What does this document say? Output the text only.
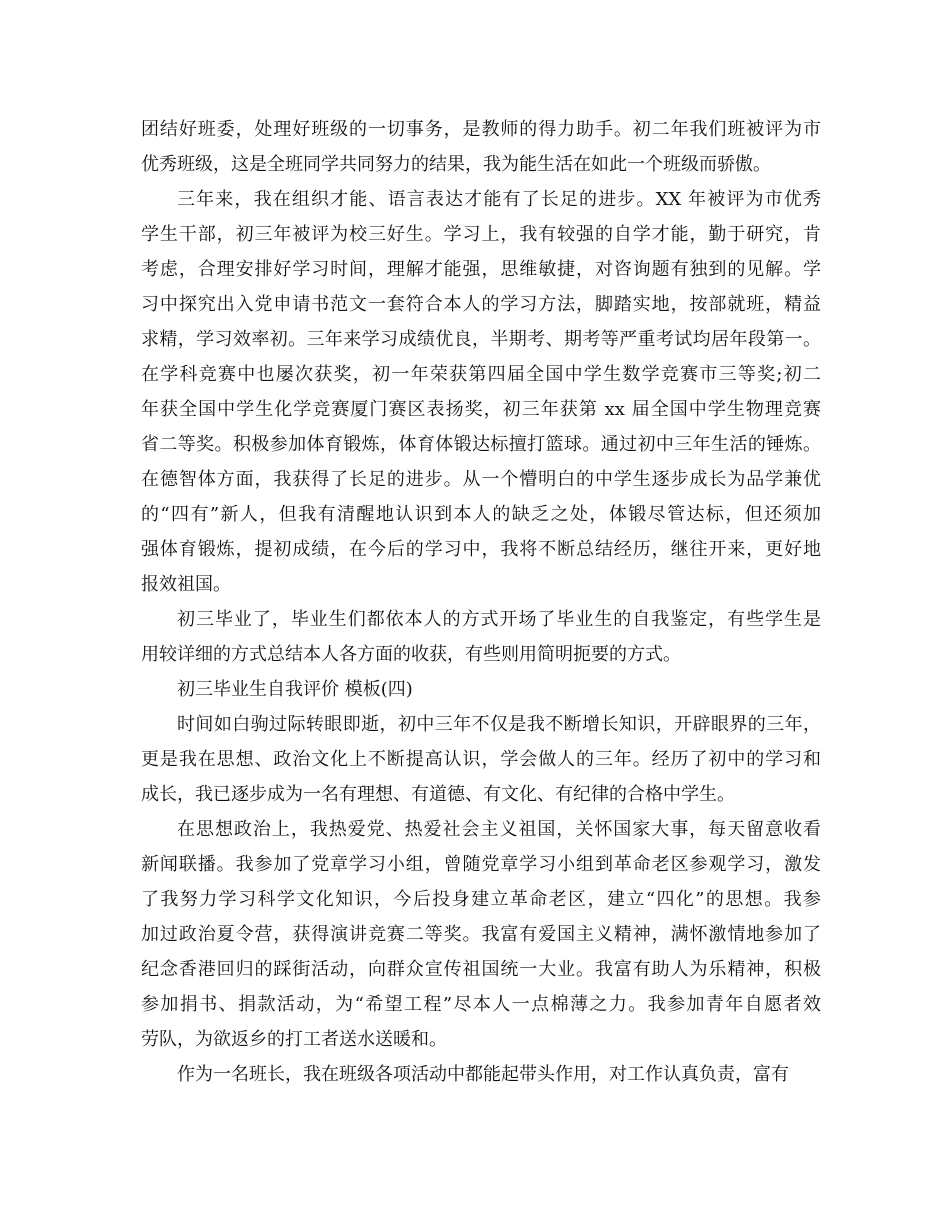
团结好班委，处理好班级的一切事务，是教师的得力助手。初二年我们班被评为市
优秀班级，这是全班同学共同努力的结果，我为能生活在如此一个班级而骄傲。
三年来，我在组织才能、语言表达才能有了长足的进步。XX 年被评为市优秀
学生干部，初三年被评为校三好生。学习上，我有较强的自学才能，勤于研究，肯
考虑，合理安排好学习时间，理解才能强，思维敏捷，对咨询题有独到的见解。学
习中探究出入党申请书范文一套符合本人的学习方法，脚踏实地，按部就班，精益
求精，学习效率初。三年来学习成绩优良，半期考、期考等严重考试均居年段第一。
在学科竞赛中也屡次获奖，初一年荣获第四届全国中学生数学竞赛市三等奖;初二
年获全国中学生化学竞赛厦门赛区表扬奖，初三年获第 xx 届全国中学生物理竞赛
省二等奖。积极参加体育锻炼，体育体锻达标擅打篮球。通过初中三年生活的锤炼。
在德智体方面，我获得了长足的进步。从一个懵明白的中学生逐步成长为品学兼优
的“四有”新人，但我有清醒地认识到本人的缺乏之处，体锻尽管达标，但还须加
强体育锻炼，提初成绩，在今后的学习中，我将不断总结经历，继往开来，更好地
报效祖国。
初三毕业了，毕业生们都依本人的方式开场了毕业生的自我鉴定，有些学生是
用较详细的方式总结本人各方面的收获，有些则用简明扼要的方式。
初三毕业生自我评价 模板(四)
时间如白驹过际转眼即逝，初中三年不仅是我不断增长知识，开辟眼界的三年，
更是我在思想、政治文化上不断提高认识，学会做人的三年。经历了初中的学习和
成长，我已逐步成为一名有理想、有道德、有文化、有纪律的合格中学生。
在思想政治上，我热爱党、热爱社会主义祖国，关怀国家大事，每天留意收看
新闻联播。我参加了党章学习小组，曾随党章学习小组到革命老区参观学习，激发
了我努力学习科学文化知识，今后投身建立革命老区，建立“四化”的思想。我参
加过政治夏令营，获得演讲竞赛二等奖。我富有爱国主义精神，满怀激情地参加了
纪念香港回归的踩街活动，向群众宣传祖国统一大业。我富有助人为乐精神，积极
参加捐书、捐款活动，为“希望工程”尽本人一点棉薄之力。我参加青年自愿者效
劳队，为欲返乡的打工者送水送暖和。
作为一名班长，我在班级各项活动中都能起带头作用，对工作认真负责，富有
